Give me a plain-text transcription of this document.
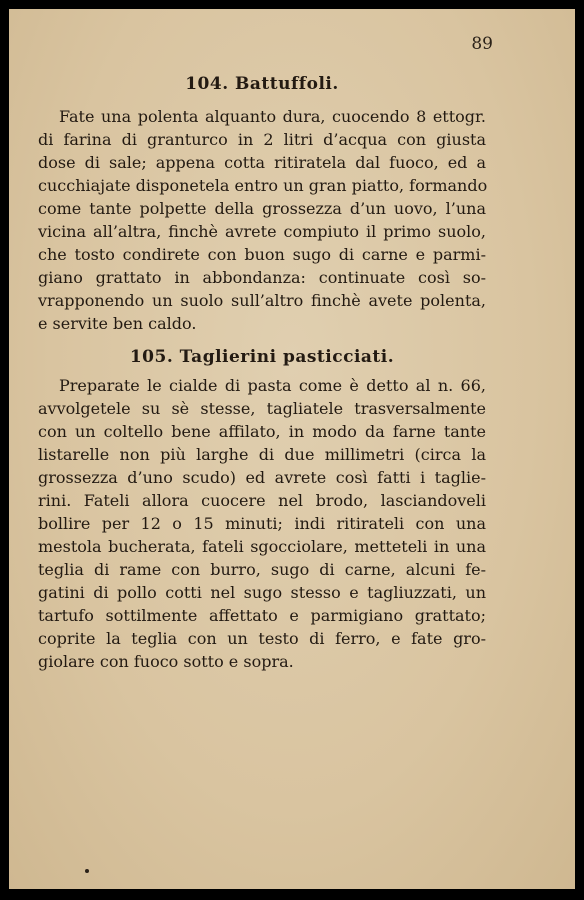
89
104. Battuffoli.
Fate una polenta alquanto dura, cuocendo 8 ettogr.
di farina di granturco in 2 litri d’acqua con giusta
dose di sale; appena cotta ritiratela dal fuoco, ed a
cucchiajate disponetela entro un gran piatto, formando
come tante polpette della grossezza d’un uovo, l’una
vicina all’altra, finchè avrete compiuto il primo suolo,
che tosto condirete con buon sugo di carne e parmi-
giano grattato in abbondanza: continuate così so-
vrapponendo un suolo sull’altro finchè avete polenta,
e servite ben caldo.
105. Taglierini pasticciati.
Preparate le cialde di pasta come è detto al n. 66,
avvolgetele su sè stesse, tagliatele trasversalmente
con un coltello bene affilato, in modo da farne tante
listarelle non più larghe di due millimetri (circa la
grossezza d’uno scudo) ed avrete così fatti i taglie-
rini. Fateli allora cuocere nel brodo, lasciandoveli
bollire per 12 o 15 minuti; indi ritirateli con una
mestola bucherata, fateli sgocciolare, metteteli in una
teglia di rame con burro, sugo di carne, alcuni fe-
gatini di pollo cotti nel sugo stesso e tagliuzzati, un
tartufo sottilmente affettato e parmigiano grattato;
coprite la teglia con un testo di ferro, e fate gro-
giolare con fuoco sotto e sopra.
